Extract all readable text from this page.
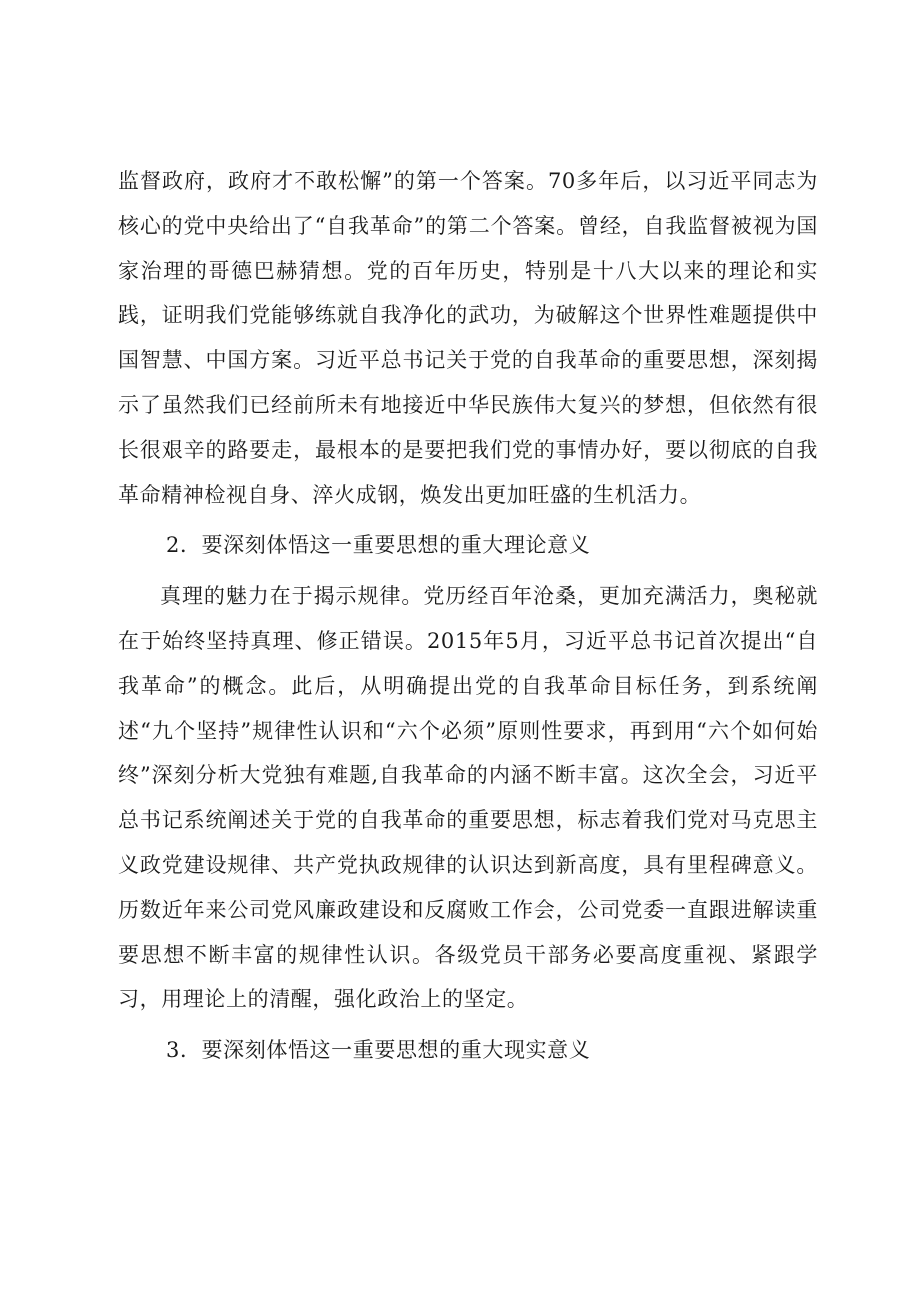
监督政府，政府才不敢松懈”的第一个答案。70多年后，以习近平同志为核心的党中央给出了“自我革命”的第二个答案。曾经，自我监督被视为国家治理的哥德巴赫猜想。党的百年历史，特别是十八大以来的理论和实践，证明我们党能够练就自我净化的武功，为破解这个世界性难题提供中国智慧、中国方案。习近平总书记关于党的自我革命的重要思想，深刻揭示了虽然我们已经前所未有地接近中华民族伟大复兴的梦想，但依然有很长很艰辛的路要走，最根本的是要把我们党的事情办好，要以彻底的自我革命精神检视自身、淬火成钢，焕发出更加旺盛的生机活力。

2．要深刻体悟这一重要思想的重大理论意义

真理的魅力在于揭示规律。党历经百年沧桑，更加充满活力，奥秘就在于始终坚持真理、修正错误。2015年5月，习近平总书记首次提出“自我革命”的概念。此后，从明确提出党的自我革命目标任务，到系统阐述“九个坚持”规律性认识和“六个必须”原则性要求，再到用“六个如何始终”深刻分析大党独有难题,自我革命的内涵不断丰富。这次全会，习近平总书记系统阐述关于党的自我革命的重要思想，标志着我们党对马克思主义政党建设规律、共产党执政规律的认识达到新高度，具有里程碑意义。历数近年来公司党风廉政建设和反腐败工作会，公司党委一直跟进解读重要思想不断丰富的规律性认识。各级党员干部务必要高度重视、紧跟学习，用理论上的清醒，强化政治上的坚定。

3．要深刻体悟这一重要思想的重大现实意义
